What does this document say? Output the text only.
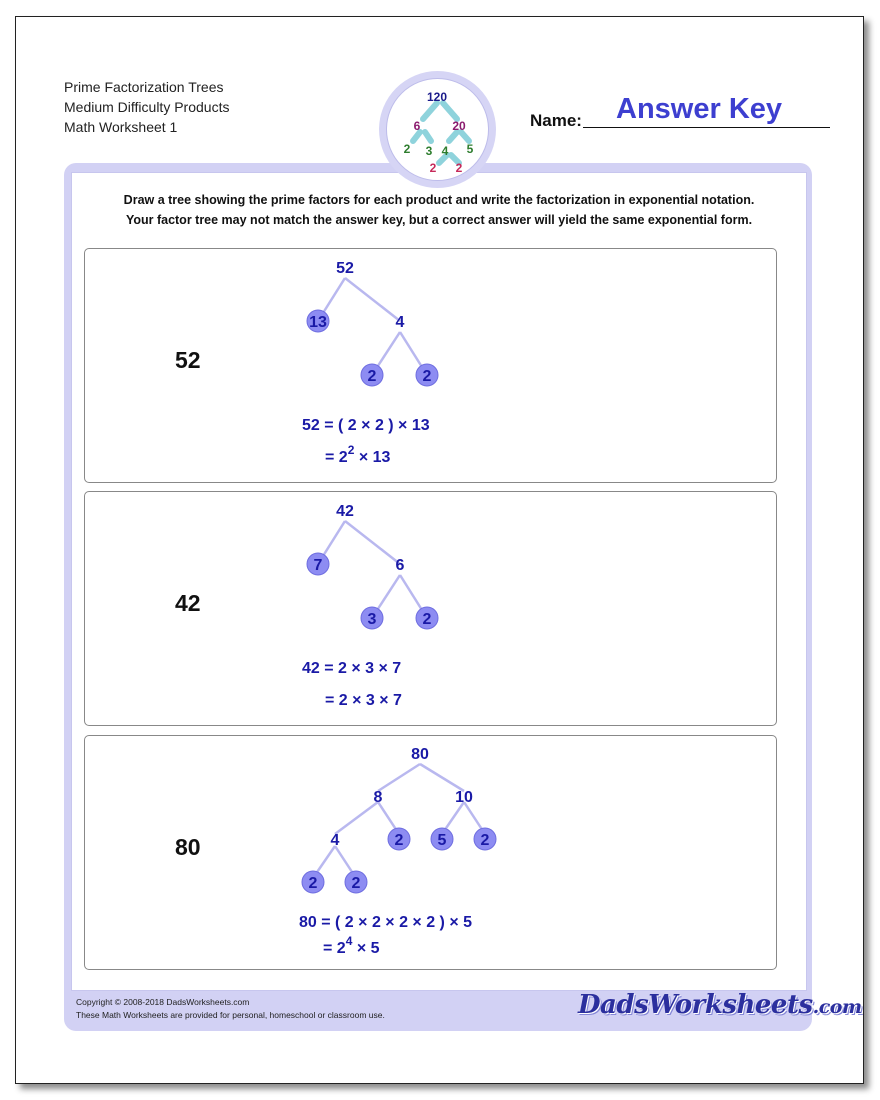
Prime Factorization Trees
Medium Difficulty Products
Math Worksheet 1	Name: Answer Key
120
6	20
2 3 4 5
2 2
Draw a tree showing the prime factors for each product and write the factorization in exponential notation.
Your factor tree may not match the answer key, but a correct answer will yield the same exponential form.
52
52
13	4
2	2
52 = ( 2 × 2 ) × 13
= $2^2 \times 13$
42
42
7	6
3	2
42 = 2 × 3 × 7
= 2 × 3 × 7
80
80
8	10
4	2 5 2
2 2
80 = ( 2 × 2 × 2 × 2 ) × 5
= $2^4 \times 5$
Copyright © 2008-2018 DadsWorksheets.com
These Math Worksheets are provided for personal, homeschool or classroom use.	DadsWorksheets.com
